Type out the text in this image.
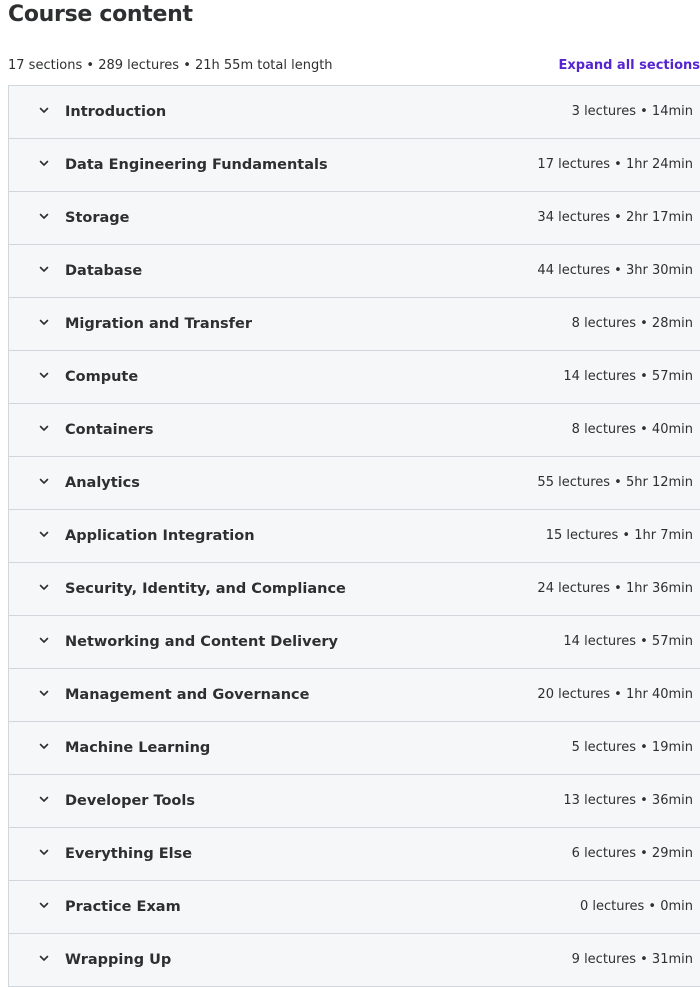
Course content
17 sections • 289 lectures • 21h 55m total length	Expand all sections
Introduction	3 lectures • 14min
Data Engineering Fundamentals	17 lectures • 1hr 24min
Storage	34 lectures • 2hr 17min
Database	44 lectures • 3hr 30min
Migration and Transfer	8 lectures • 28min
Compute	14 lectures • 57min
Containers	8 lectures • 40min
Analytics	55 lectures • 5hr 12min
Application Integration	15 lectures • 1hr 7min
Security, Identity, and Compliance	24 lectures • 1hr 36min
Networking and Content Delivery	14 lectures • 57min
Management and Governance	20 lectures • 1hr 40min
Machine Learning	5 lectures • 19min
Developer Tools	13 lectures • 36min
Everything Else	6 lectures • 29min
Practice Exam	0 lectures • 0min
Wrapping Up	9 lectures • 31min
